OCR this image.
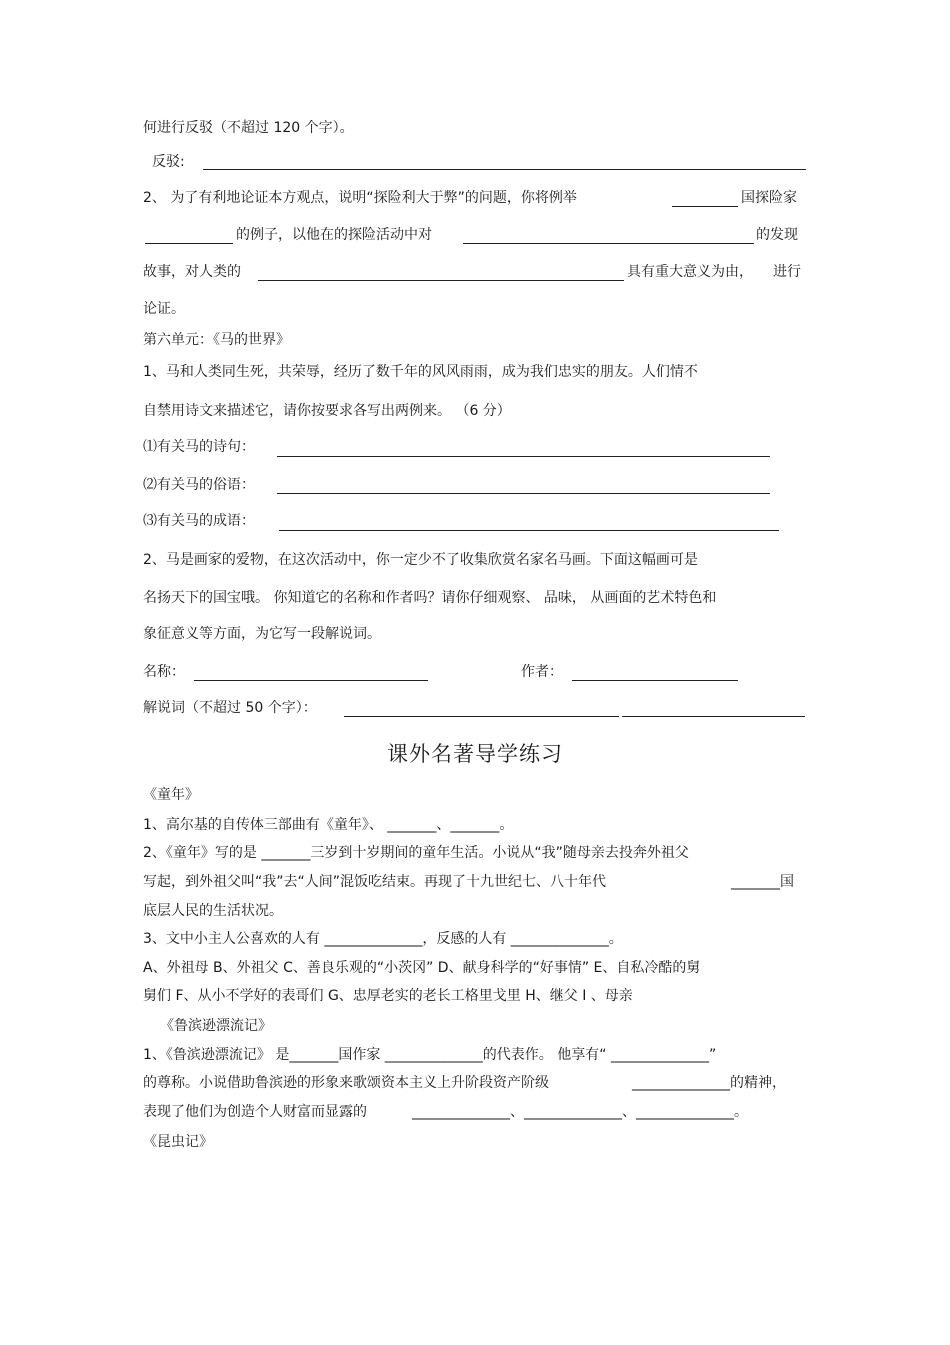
何进行反驳（不超过 120 个字）。
反驳:
2、 为了有利地论证本方观点，说明“探险利大于弊”的问题，你将例举	国探险家
的例子，以他在的探险活动中对	的发现
故事，对人类的	具有重大意义为由， 进行
论证。
第六单元：《马的世界》
1、马和人类同生死，共荣辱，经历了数千年的风风雨雨，成为我们忠实的朋友。人们情不
自禁用诗文来描述它，请你按要求各写出两例来。 （6 分）
⑴有关马的诗句：
⑵有关马的俗语：
⑶有关马的成语：
2、马是画家的爱物，在这次活动中，你一定少不了收集欣赏名家名马画。下面这幅画可是
名扬天下的国宝哦。 你知道它的名称和作者吗？请你仔细观察、 品味， 从画面的艺术特色和
象征意义等方面，为它写一段解说词。
名称：	作者：
解说词（不超过 50 个字）：
课外名著导学练习
《童年》
1、高尔基的自传体三部曲有《童年》、 _______、_______。
2、《童年》写的是 _______三岁到十岁期间的童年生活。小说从“我”随母亲去投奔外祖父
写起，到外祖父叫“我”去“人间”混饭吃结束。再现了十九世纪七、八十年代	_______国
底层人民的生活状况。
3、文中小主人公喜欢的人有 ______________，反感的人有 ______________。
A、外祖母 B、外祖父 C、善良乐观的“小茨冈” D、献身科学的“好事情” E、自私冷酷的舅
舅们 F、从小不学好的表哥们 G、忠厚老实的老长工格里戈里 H、继父 I 、母亲
《鲁滨逊漂流记》
1、《鲁滨逊漂流记》 是_______国作家 ______________的代表作。 他享有“ ______________”
的尊称。小说借助鲁滨逊的形象来歌颂资本主义上升阶段资产阶级	______________的精神，
表现了他们为创造个人财富而显露的	______________、______________、______________。
《昆虫记》
